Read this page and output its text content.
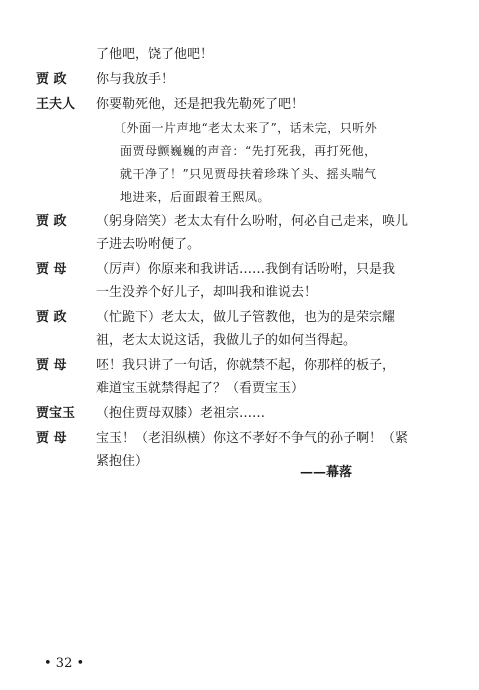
了他吧，饶了他吧！
贾 政 你与我放手！
王夫人 你要勒死他，还是把我先勒死了吧！
〔外面一片声地“老太太来了”，话未完，只听外
面贾母颤巍巍的声音：“先打死我，再打死他，
就干净了！”只见贾母扶着珍珠丫头、摇头喘气
地进来，后面跟着王熙凤。
贾 政 （躬身陪笑）老太太有什么吩咐，何必自己走来，唤儿
子进去吩咐便了。
贾 母 （厉声）你原来和我讲话……我倒有话吩咐，只是我
一生没养个好儿子，却叫我和谁说去！
贾 政 （忙跪下）老太太，做儿子管教他，也为的是荣宗耀
祖，老太太说这话，我做儿子的如何当得起。
贾 母 呸！我只讲了一句话，你就禁不起，你那样的板子，
难道宝玉就禁得起了？（看贾宝玉）
贾宝玉 （抱住贾母双膝）老祖宗……
贾 母 宝玉！（老泪纵横）你这不孝好不争气的孙子啊！（紧
紧抱住）
——幕落
• 32 •
